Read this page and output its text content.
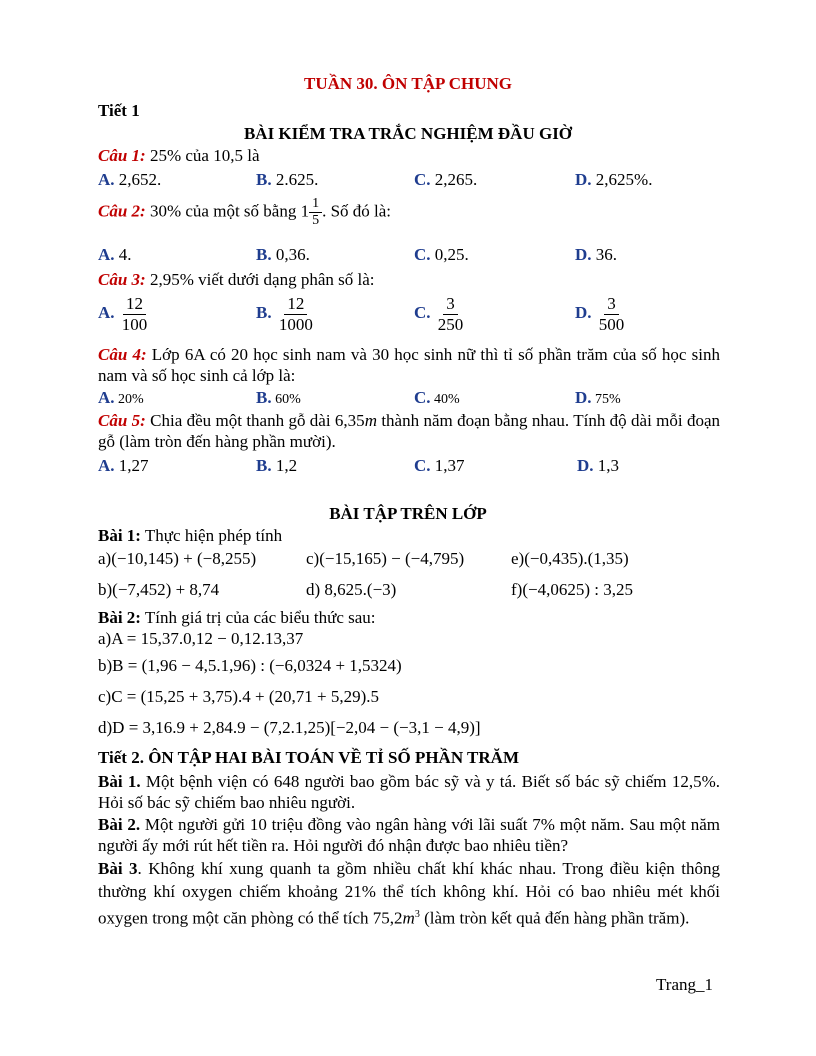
TUẦN 30. ÔN TẬP CHUNG
Tiết 1
BÀI KIỂM TRA TRẮC NGHIỆM ĐẦU GIỜ
Câu 1: 25% của 10,5 là
A. 2,652.	B. 2.625.	C. 2,265.	D. 2,625%.
Câu 2: 30% của một số bằng $1 \frac{1}{5}$ . Số đó là:
A. 4.	B. 0,36.	C. 0,25.	D. 36.
Câu 3: 2,95% viết dưới dạng phân số là:
A. $\frac{12}{100}$	B. $\frac{12}{1000}$	C. $\frac{3}{250}$	D. $\frac{3}{500}$
Câu 4: Lớp 6A có 20 học sinh nam và 30 học sinh nữ thì tỉ số phần trăm của số học sinh nam và số học sinh cả lớp là:
A. 20%	B. 60%	C. 40%	D. 75%
Câu 5: Chia đều một thanh gỗ dài 6,35m thành năm đoạn bằng nhau. Tính độ dài mỗi đoạn gỗ (làm tròn đến hàng phần mười).
A. 1,27	B. 1,2	C. 1,37	D. 1,3
BÀI TẬP TRÊN LỚP
Bài 1: Thực hiện phép tính
a)(−10,145) + (−8,255)	c)(−15,165) − (−4,795)	e)(−0,435).(1,35)
b)(−7,452) + 8,74	d) 8,625.(−3)	f)(−4,0625) : 3,25
Bài 2: Tính giá trị của các biểu thức sau:
a)A = 15,37.0,12 − 0,12.13,37
b)B = (1,96 − 4,5.1,96) : (−6,0324 + 1,5324)
c)C = (15,25 + 3,75).4 + (20,71 + 5,29).5
d)D = 3,16.9 + 2,84.9 − (7,2.1,25)[−2,04 − (−3,1 − 4,9)]
Tiết 2. ÔN TẬP HAI BÀI TOÁN VỀ TỈ SỐ PHẦN TRĂM
Bài 1. Một bệnh viện có 648 người bao gồm bác sỹ và y tá. Biết số bác sỹ chiếm 12,5%. Hỏi số bác sỹ chiếm bao nhiêu người.
Bài 2. Một người gửi 10 triệu đồng vào ngân hàng với lãi suất 7% một năm. Sau một năm người ấy mới rút hết tiền ra. Hỏi người đó nhận được bao nhiêu tiền?
Bài 3. Không khí xung quanh ta gồm nhiều chất khí khác nhau. Trong điều kiện thông thường khí oxygen chiếm khoảng 21% thể tích không khí. Hỏi có bao nhiêu mét khối oxygen trong một căn phòng có thể tích $75,2m^3$ (làm tròn kết quả đến hàng phần trăm).
Trang_1
